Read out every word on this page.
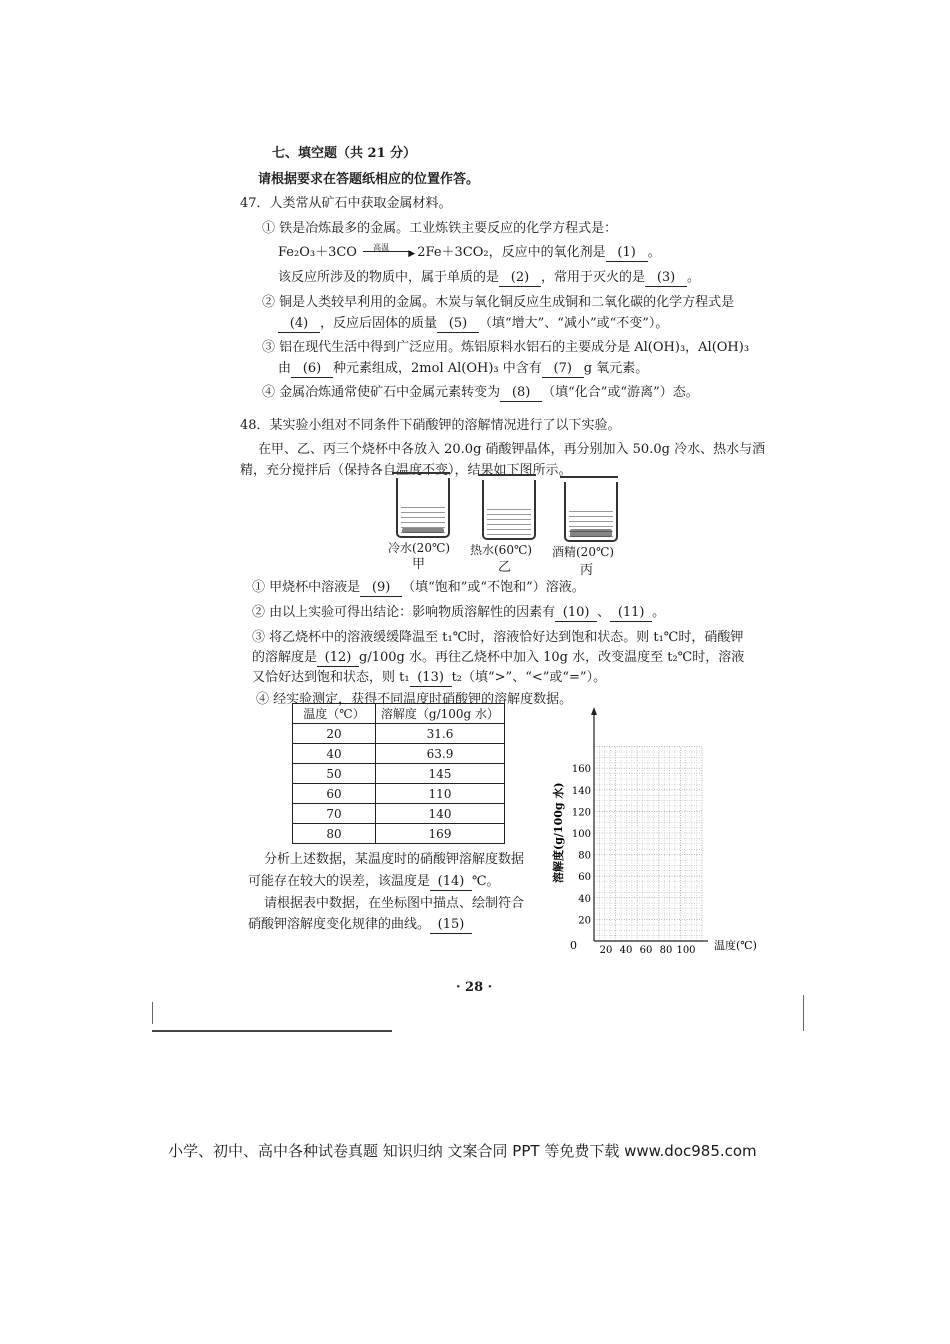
七、填空题（共 21 分）
请根据要求在答题纸相应的位置作答。
47．人类常从矿石中获取金属材料。
① 铁是冶炼最多的金属。工业炼铁主要反应的化学方程式是：
Fe₂O₃＋3CO 高温
▶ 2Fe＋3CO₂，反应中的氧化剂是 (1) 。
该反应所涉及的物质中，属于单质的是 (2) ，常用于灭火的是 (3) 。
② 铜是人类较早利用的金属。木炭与氧化铜反应生成铜和二氧化碳的化学方程式是
(4) ，反应后固体的质量 (5) （填“增大”、“减小”或“不变”）。
③ 铝在现代生活中得到广泛应用。炼铝原料水铝石的主要成分是 Al(OH)₃，Al(OH)₃
由 (6) 种元素组成，2mol Al(OH)₃ 中含有 (7) g 氧元素。
④ 金属冶炼通常使矿石中金属元素转变为 (8) （填“化合”或“游离”）态。
48．某实验小组对不同条件下硝酸钾的溶解情况进行了以下实验。
在甲、乙、丙三个烧杯中各放入 20.0g 硝酸钾晶体，再分别加入 50.0g 冷水、热水与酒
精，充分搅拌后（保持各自温度不变），结果如下图所示。
冷水(20℃) 热水(60℃) 酒精(20℃)
甲	乙	丙
① 甲烧杯中溶液是 (9) （填“饱和”或“不饱和”）溶液。
② 由以上实验可得出结论：影响物质溶解性的因素有 (10) 、 (11) 。
③ 将乙烧杯中的溶液缓缓降温至 t₁℃时，溶液恰好达到饱和状态。则 t₁℃时，硝酸钾
的溶解度是 (12) g/100g 水。再往乙烧杯中加入 10g 水，改变温度至 t₂℃时，溶液
又恰好达到饱和状态，则 t₁ (13) t₂（填“>”、“<”或“=”）。
④ 经实验测定，获得不同温度时硝酸钾的溶解度数据。
温度（℃）	溶解度（g/100g 水）
20	31.6
40	63.9
50	145
60	110
70	140
80	169
分析上述数据，某温度时的硝酸钾溶解度数据
可能存在较大的误差，该温度是 (14) ℃。
请根据表中数据，在坐标图中描点、绘制符合
硝酸钾溶解度变化规律的曲线。 (15)	20
40
60
80
100
120
140
160
20 40 60 80 100
0	温度(℃)
溶解度(g/100g 水)
· 28 ·
小学、初中、高中各种试卷真题 知识归纳 文案合同 PPT 等免费下载 www.doc985.com
